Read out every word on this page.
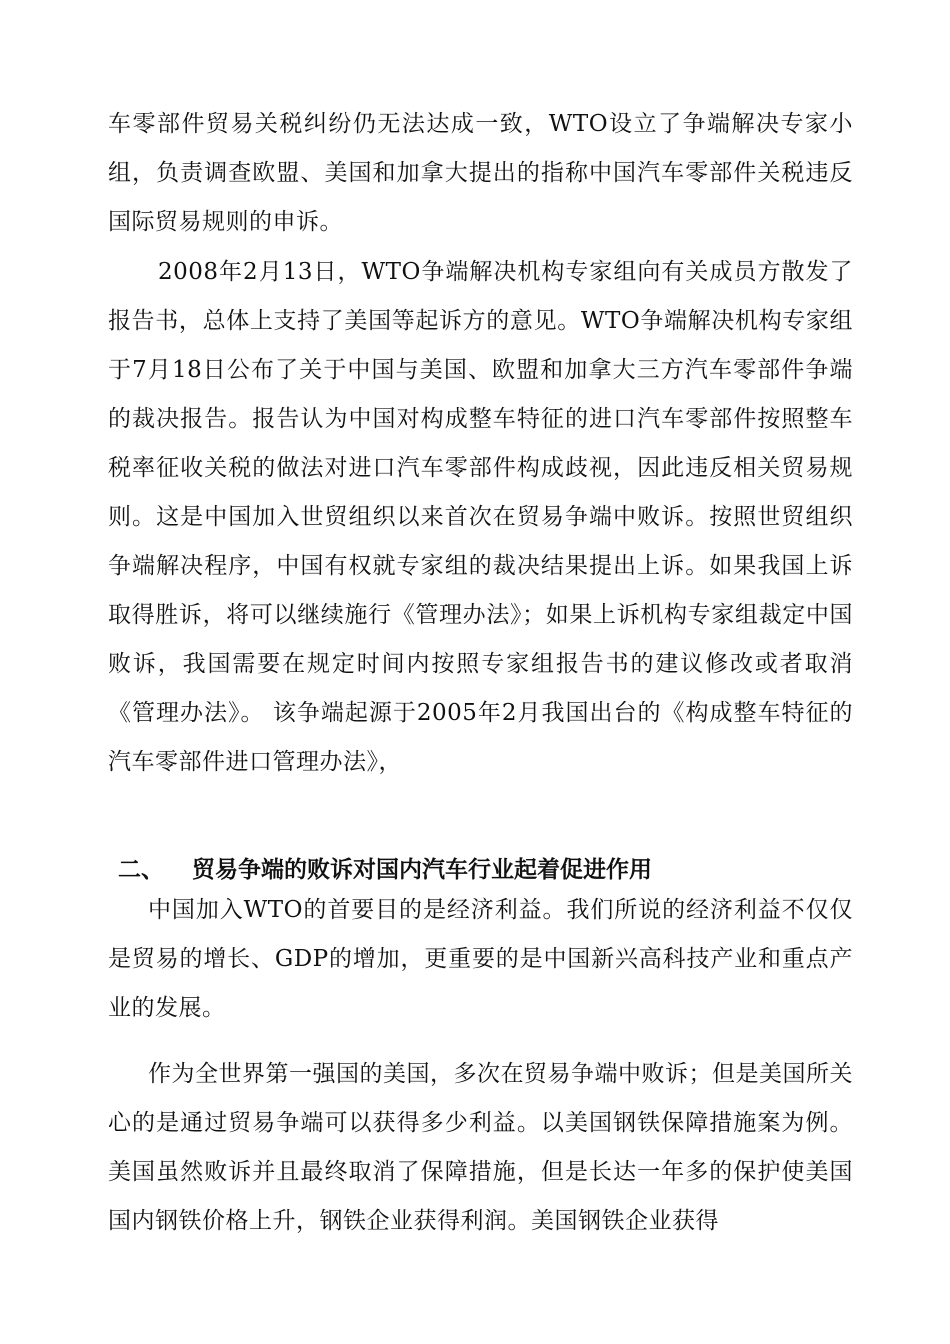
车零部件贸易关税纠纷仍无法达成一致，WTO设立了争端解决专家小组，负责调查欧盟、美国和加拿大提出的指称中国汽车零部件关税违反国际贸易规则的申诉。

2008年2月13日，WTO争端解决机构专家组向有关成员方散发了报告书，总体上支持了美国等起诉方的意见。WTO争端解决机构专家组于7月18日公布了关于中国与美国、欧盟和加拿大三方汽车零部件争端的裁决报告。报告认为中国对构成整车特征的进口汽车零部件按照整车税率征收关税的做法对进口汽车零部件构成歧视，因此违反相关贸易规则。这是中国加入世贸组织以来首次在贸易争端中败诉。按照世贸组织争端解决程序，中国有权就专家组的裁决结果提出上诉。如果我国上诉取得胜诉，将可以继续施行《管理办法》；如果上诉机构专家组裁定中国败诉，我国需要在规定时间内按照专家组报告书的建议修改或者取消《管理办法》。 该争端起源于2005年2月我国出台的《构成整车特征的汽车零部件进口管理办法》，

二、 贸易争端的败诉对国内汽车行业起着促进作用

中国加入WTO的首要目的是经济利益。我们所说的经济利益不仅仅是贸易的增长、GDP的增加，更重要的是中国新兴高科技产业和重点产业的发展。

作为全世界第一强国的美国，多次在贸易争端中败诉；但是美国所关心的是通过贸易争端可以获得多少利益。以美国钢铁保障措施案为例。美国虽然败诉并且最终取消了保障措施，但是长达一年多的保护使美国国内钢铁价格上升，钢铁企业获得利润。美国钢铁企业获得
